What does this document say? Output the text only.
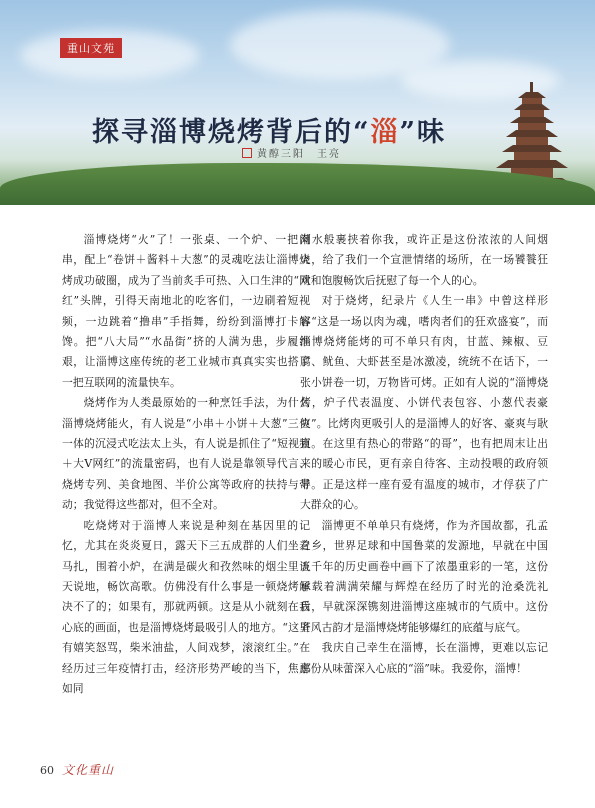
重山文苑
探寻淄博烧烤背后的“淄”味
黄醇三阳　王亮

淄博烧烤“火”了！一张桌、一个炉、一把肉串，配上“卷饼＋酱料＋大葱”的灵魂吃法让淄博烧烤成功破圈，成为了当前炙手可热、入口生津的“网红”头牌，引得天南地北的吃客们，一边刷着短视频，一边跳着“撸串”手指舞，纷纷到淄博打卡解馋。把“八大局”“水晶街”挤的人满为患，步履维艰，让淄博这座传统的老工业城市真真实实也搭了一把互联网的流量快车。

烧烤作为人类最原始的一种烹饪手法，为什么淄博烧烤能火，有人说是“小串＋小饼＋大葱”三位一体的沉浸式吃法太上头，有人说是抓住了“短视频＋大V网红”的流量密码，也有人说是靠领导代言、烧烤专列、美食地图、半价公寓等政府的扶持与带动；我觉得这些都对，但不全对。

吃烧烤对于淄博人来说是种刻在基因里的记忆，尤其在炎炎夏日，露天下三五成群的人们坐着马扎，围着小炉，在满是碳火和孜然味的烟尘里谈天说地，畅饮高歌。仿佛没有什么事是一顿烧烤解决不了的；如果有，那就两顿。这是从小就刻在我心底的画面，也是淄博烧烤最吸引人的地方。“这里有嬉笑怒骂，柴米油盐，人间戏梦，滚滚红尘。”在经历过三年疫情打击，经济形势严峻的当下，焦虑如同

潮水般裹挟着你我，或许正是这份浓浓的人间烟火，给了我们一个宣泄情绪的场所，在一场饕餮狂欢和饱腹畅饮后抚慰了每一个人的心。

对于烧烤，纪录片《人生一串》中曾这样形容“这是一场以肉为魂，嗜肉者们的狂欢盛宴”，而淄博烧烤能烤的可不单只有肉，甘蓝、辣椒、豆腐、鱿鱼、大虾甚至是冰激凌，统统不在话下，一张小饼卷一切，万物皆可烤。正如有人说的“淄博烧烤，炉子代表温度、小饼代表包容、小葱代表豪爽”。比烤肉更吸引人的是淄博人的好客、豪爽与耿直。在这里有热心的带路“的哥”，也有把周末让出来的暖心市民，更有亲自待客、主动投喂的政府领导。正是这样一座有爱有温度的城市，才俘获了广大群众的心。

淄博更不单单只有烧烤，作为齐国故都，孔孟之乡，世界足球和中国鲁菜的发源地，早就在中国五千年的历史画卷中画下了浓墨重彩的一笔，这份承载着满满荣耀与辉煌在经历了时光的沧桑洗礼后，早就深深镌刻进淄博这座城市的气质中。这份齐风古韵才是淄博烧烤能够爆红的底蕴与底气。

我庆自己幸生在淄博，长在淄博，更难以忘记那份从味蕾深入心底的“淄”味。我爱你，淄博！

60 文化重山
